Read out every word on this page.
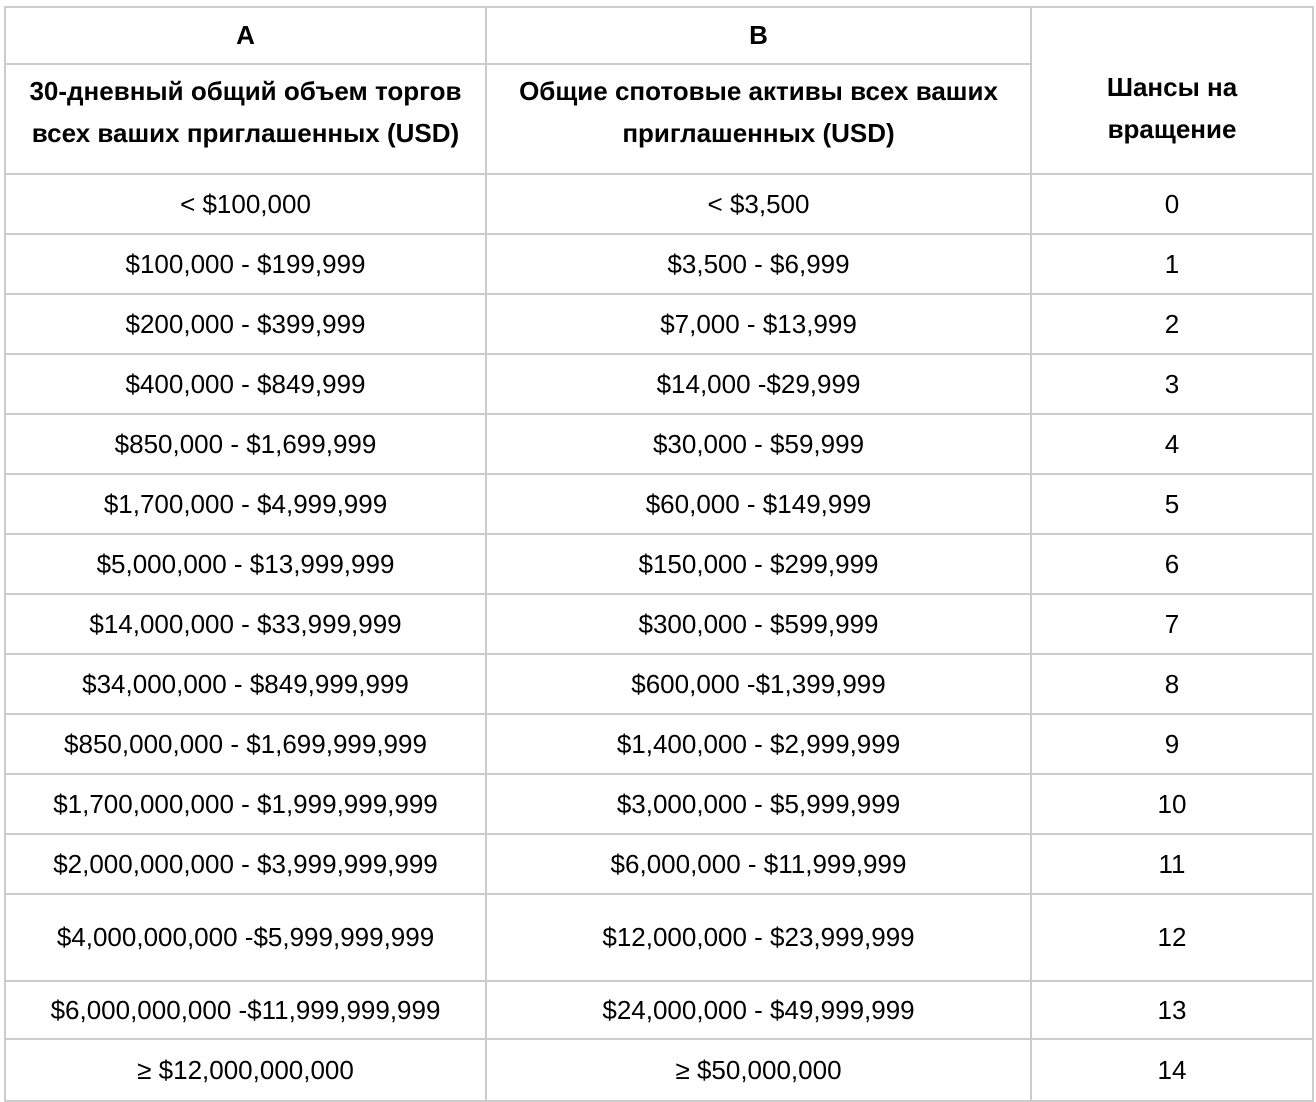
A	B	Шансы на вращение
30-дневный общий объем торгов всех ваших приглашенных (USD)	Общие спотовые активы всех ваших приглашенных (USD)	
< $100,000	< $3,500	0
$100,000 - $199,999	$3,500 - $6,999	1
$200,000 - $399,999	$7,000 - $13,999	2
$400,000 - $849,999	$14,000 -$29,999	3
$850,000 - $1,699,999	$30,000 - $59,999	4
$1,700,000 - $4,999,999	$60,000 - $149,999	5
$5,000,000 - $13,999,999	$150,000 - $299,999	6
$14,000,000 - $33,999,999	$300,000 - $599,999	7
$34,000,000 - $849,999,999	$600,000 -$1,399,999	8
$850,000,000 - $1,699,999,999	$1,400,000 - $2,999,999	9
$1,700,000,000 - $1,999,999,999	$3,000,000 - $5,999,999	10
$2,000,000,000 - $3,999,999,999	$6,000,000 - $11,999,999	11
$4,000,000,000 -$5,999,999,999	$12,000,000 - $23,999,999	12
$6,000,000,000 -$11,999,999,999	$24,000,000 - $49,999,999	13
≥ $12,000,000,000	≥ $50,000,000	14
